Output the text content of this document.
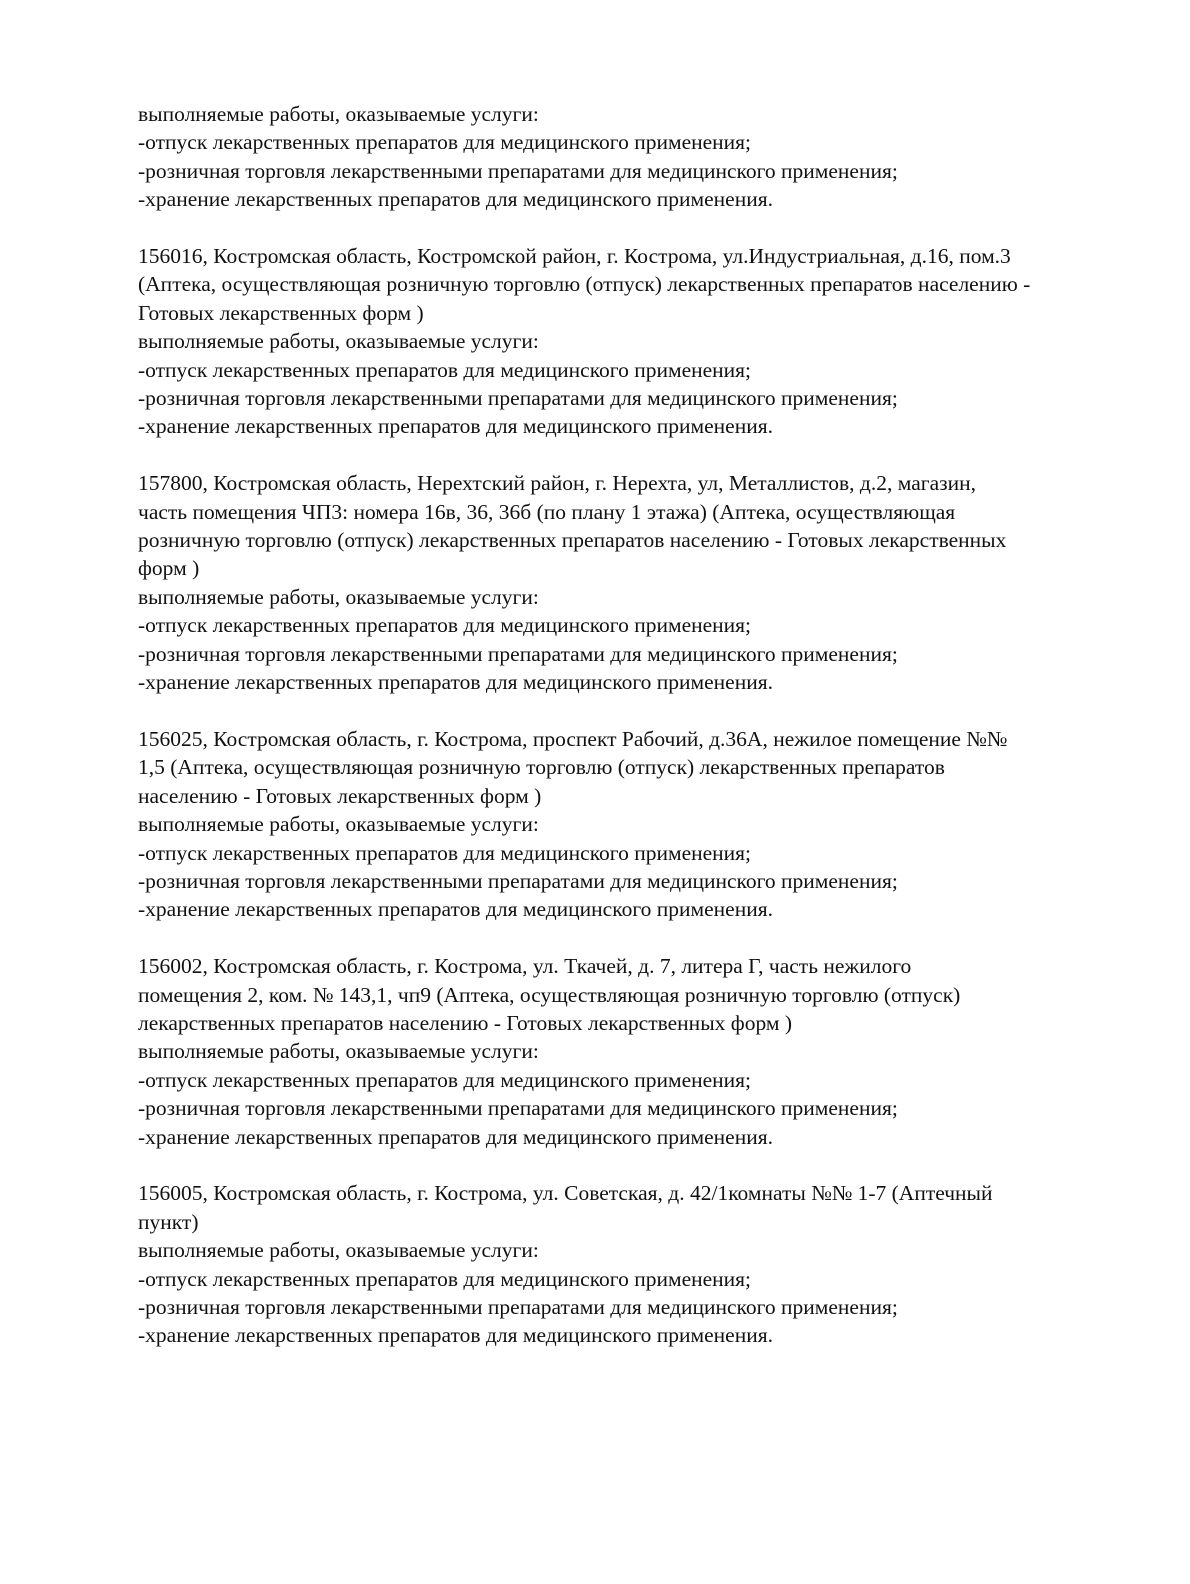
выполняемые работы, оказываемые услуги:
-отпуск лекарственных препаратов для медицинского применения;
-розничная торговля лекарственными препаратами для медицинского применения;
-хранение лекарственных препаратов для медицинского применения.
156016, Костромская область, Костромской район, г. Кострома, ул.Индустриальная, д.16, пом.3
(Аптека, осуществляющая розничную торговлю (отпуск) лекарственных препаратов населению -
Готовых лекарственных форм )
выполняемые работы, оказываемые услуги:
-отпуск лекарственных препаратов для медицинского применения;
-розничная торговля лекарственными препаратами для медицинского применения;
-хранение лекарственных препаратов для медицинского применения.
157800, Костромская область, Нерехтский район, г. Нерехта, ул, Металлистов, д.2, магазин,
часть помещения ЧП3: номера 16в, 36, 36б (по плану 1 этажа) (Аптека, осуществляющая
розничную торговлю (отпуск) лекарственных препаратов населению - Готовых лекарственных
форм )
выполняемые работы, оказываемые услуги:
-отпуск лекарственных препаратов для медицинского применения;
-розничная торговля лекарственными препаратами для медицинского применения;
-хранение лекарственных препаратов для медицинского применения.
156025, Костромская область, г. Кострома, проспект Рабочий, д.36А, нежилое помещение №№
1,5 (Аптека, осуществляющая розничную торговлю (отпуск) лекарственных препаратов
населению - Готовых лекарственных форм )
выполняемые работы, оказываемые услуги:
-отпуск лекарственных препаратов для медицинского применения;
-розничная торговля лекарственными препаратами для медицинского применения;
-хранение лекарственных препаратов для медицинского применения.
156002, Костромская область, г. Кострома, ул. Ткачей, д. 7, литера Г, часть нежилого
помещения 2, ком. № 143,1, чп9 (Аптека, осуществляющая розничную торговлю (отпуск)
лекарственных препаратов населению - Готовых лекарственных форм )
выполняемые работы, оказываемые услуги:
-отпуск лекарственных препаратов для медицинского применения;
-розничная торговля лекарственными препаратами для медицинского применения;
-хранение лекарственных препаратов для медицинского применения.
156005, Костромская область, г. Кострома, ул. Советская, д. 42/1комнаты №№ 1-7 (Аптечный
пункт)
выполняемые работы, оказываемые услуги:
-отпуск лекарственных препаратов для медицинского применения;
-розничная торговля лекарственными препаратами для медицинского применения;
-хранение лекарственных препаратов для медицинского применения.
